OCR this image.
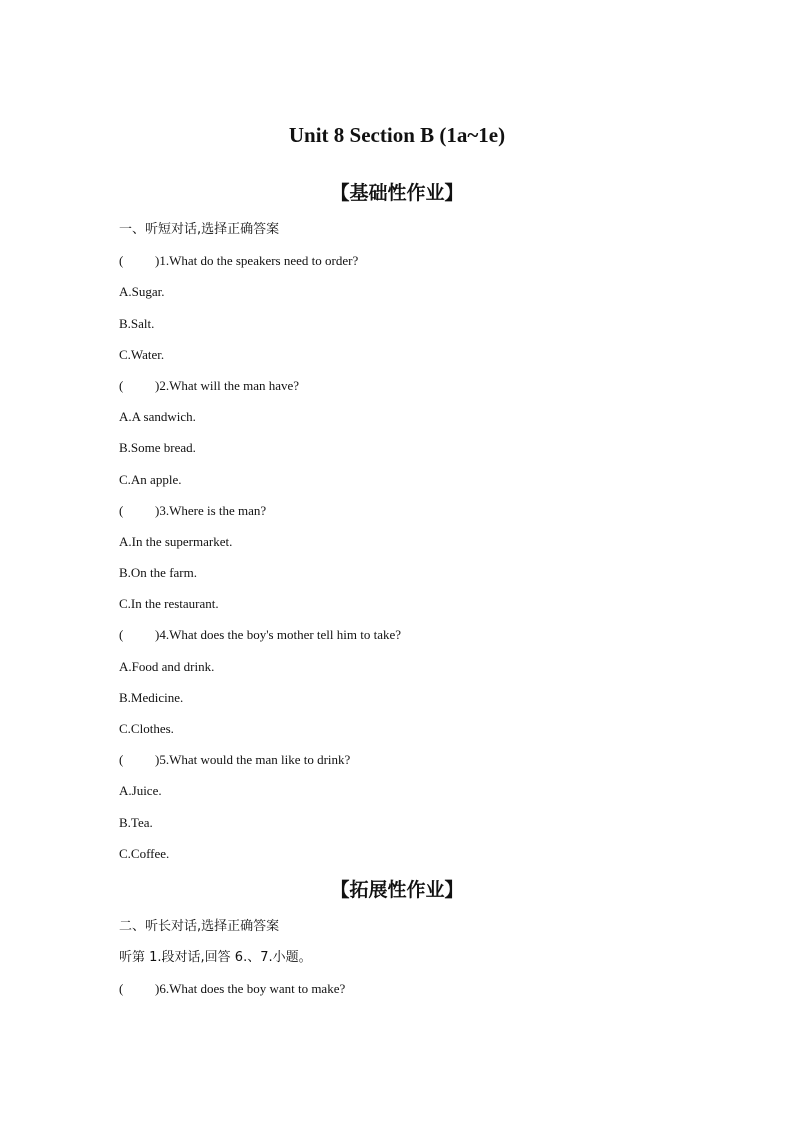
Unit 8 Section B (1a~1e)
【基础性作业】
一、听短对话,选择正确答案
( )1.What do the speakers need to order?
A.Sugar.
B.Salt.
C.Water.
( )2.What will the man have?
A.A sandwich.
B.Some bread.
C.An apple.
( )3.Where is the man?
A.In the supermarket.
B.On the farm.
C.In the restaurant.
( )4.What does the boy's mother tell him to take?
A.Food and drink.
B.Medicine.
C.Clothes.
( )5.What would the man like to drink?
A.Juice.
B.Tea.
C.Coffee.
【拓展性作业】
二、听长对话,选择正确答案
听第 1.段对话,回答 6.、7.小题。
( )6.What does the boy want to make?
